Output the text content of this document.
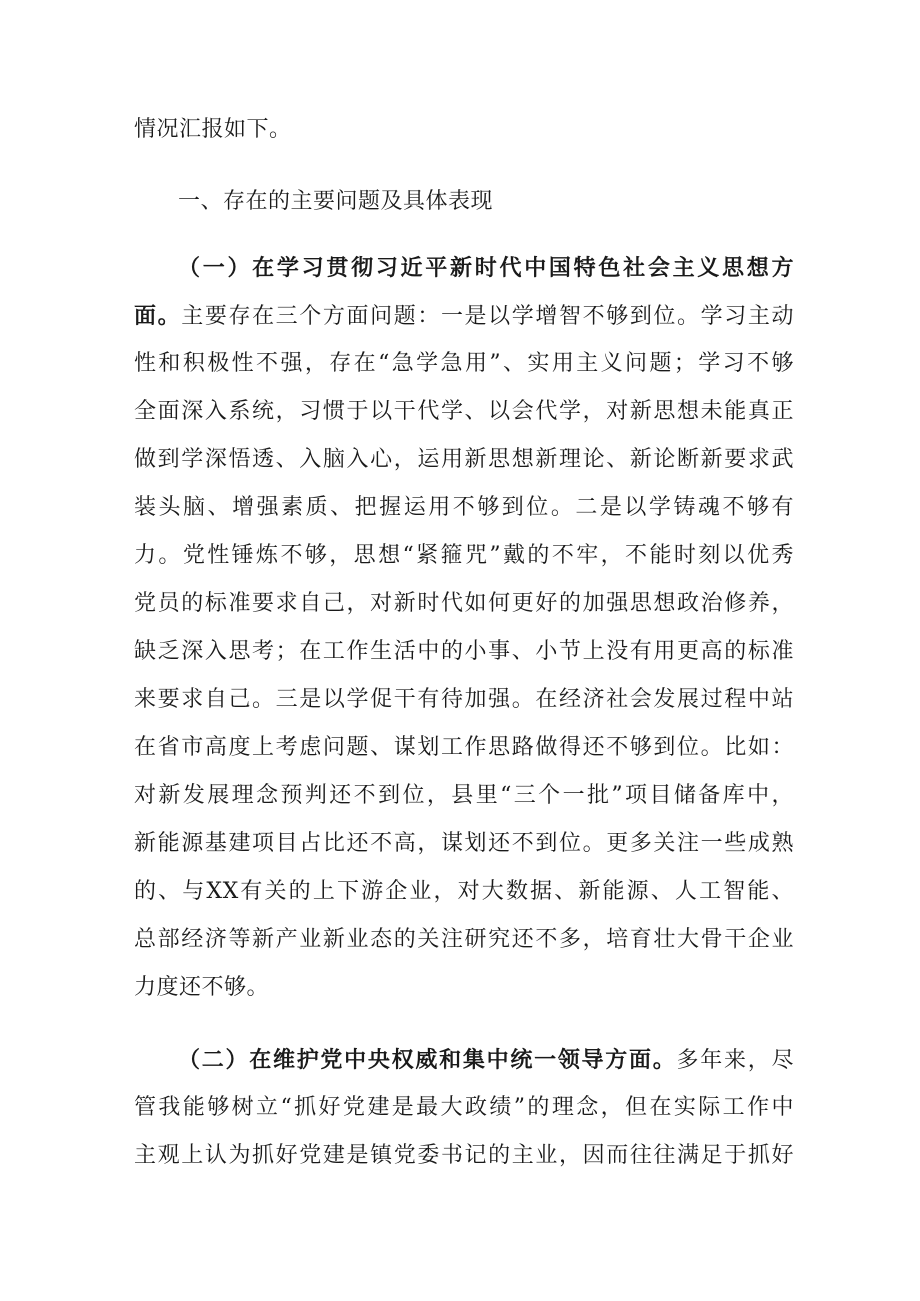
情况汇报如下。
一、存在的主要问题及具体表现
（一）在学习贯彻习近平新时代中国特色社会主义思想方
面。主要存在三个方面问题：一是以学增智不够到位。学习主动
性和积极性不强，存在“急学急用”、实用主义问题；学习不够
全面深入系统，习惯于以干代学、以会代学，对新思想未能真正
做到学深悟透、入脑入心，运用新思想新理论、新论断新要求武
装头脑、增强素质、把握运用不够到位。二是以学铸魂不够有
力。党性锤炼不够，思想“紧箍咒”戴的不牢，不能时刻以优秀
党员的标准要求自己，对新时代如何更好的加强思想政治修养，
缺乏深入思考；在工作生活中的小事、小节上没有用更高的标准
来要求自己。三是以学促干有待加强。在经济社会发展过程中站
在省市高度上考虑问题、谋划工作思路做得还不够到位。比如：
对新发展理念预判还不到位，县里“三个一批”项目储备库中，
新能源基建项目占比还不高，谋划还不到位。更多关注一些成熟
的、与XX有关的上下游企业，对大数据、新能源、人工智能、
总部经济等新产业新业态的关注研究还不多，培育壮大骨干企业
力度还不够。
（二）在维护党中央权威和集中统一领导方面。多年来，尽
管我能够树立“抓好党建是最大政绩”的理念，但在实际工作中
主观上认为抓好党建是镇党委书记的主业，因而往往满足于抓好
